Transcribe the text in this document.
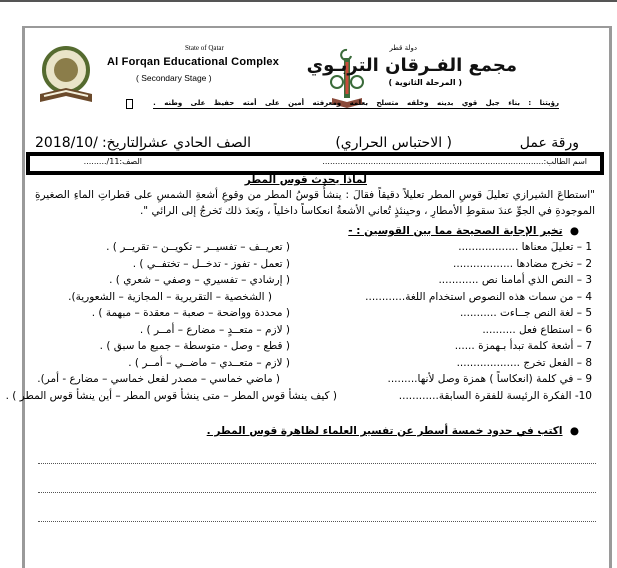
State of Qatar
Al Forqan Educational Complex
( Secondary Stage )
دولة قطر
مجمع الفـرقان التربـوي
( المرحلة الثانوية )
رؤيتنا : بناء جيل قوي بدينه وخلقه متسلح بعلمه ومعرفته أمين على أمته حفيظ على وطنه .
ورقة عمل
( الاحتباس الحراري)
الصف الحادي عشر
التاريخ:
2018/10/
اسم الطالب:.......................................................................................
الصف:11/.........
لماذا يحدث قوس المطر
"استطاعَ الشيرازي تعليلَ قوسِ المطر تعليلاً دقيقاً فقالَ : ينشأُ قوسُ المطر من وقوعِ أشعةِ الشمسِ على قطراتِ الماءِ الصغيرةِ الموجودةِ في الجوِّ عندَ سقوطِ الأمطارِ ، وحينئذٍ تُعاني الأشعةُ انعكاساً داخلياً ، وبَعدَ ذلك تَخرجُ إلى الرائي ".
●  تخير الإجابة الصحيحة مما بين القوسين : -
1 – تعليلَ معناها ..................
( تعريــف – تفسيــر – تكويــن – تقريــر ) .
2 – تخرج مضادها ..................
( تعمل - تفوز - تدخــل – تختفــي ) .
3 – النص الذي أمامنا نص ............
( إرشادي – تفسيري – وصفي – شعري ) .
4 – من سمات هذه النصوص استخدام اللغة............
( الشخصية – التقريرية – المجازية – الشعورية).
5 – لغة النص جــاءت ...........
( محددة وواضحة – صعبة – معقدة – مبهمة ) .
6 – استطاع فعل ..........
( لازم – متعــدٍ – مضارع – أمــر ) .
7 – أشعة كلمة تبدأ بـهمزة ......
( قطع - وصل - متوسطة – جميع ما سبق ) .
8 – الفعل تخرج ...................
( لازم – متعــدي – ماضــي – أمــر ) .
9 – في كلمة (انعكاساً ) همزة وصل لأنها.........
( ماضي خماسي – مصدر لفعل خماسي – مضارع - أمر).
10- الفكرة الرئيسة للفقرة السابقة............
( كيف ينشأ قوس المطر – متى ينشأ قوس المطر – أين ينشأ قوس المطر ) .
●  اكتب في حدود خمسة أسطر عن تفسير العلماء لظاهرة قوس المطر .
